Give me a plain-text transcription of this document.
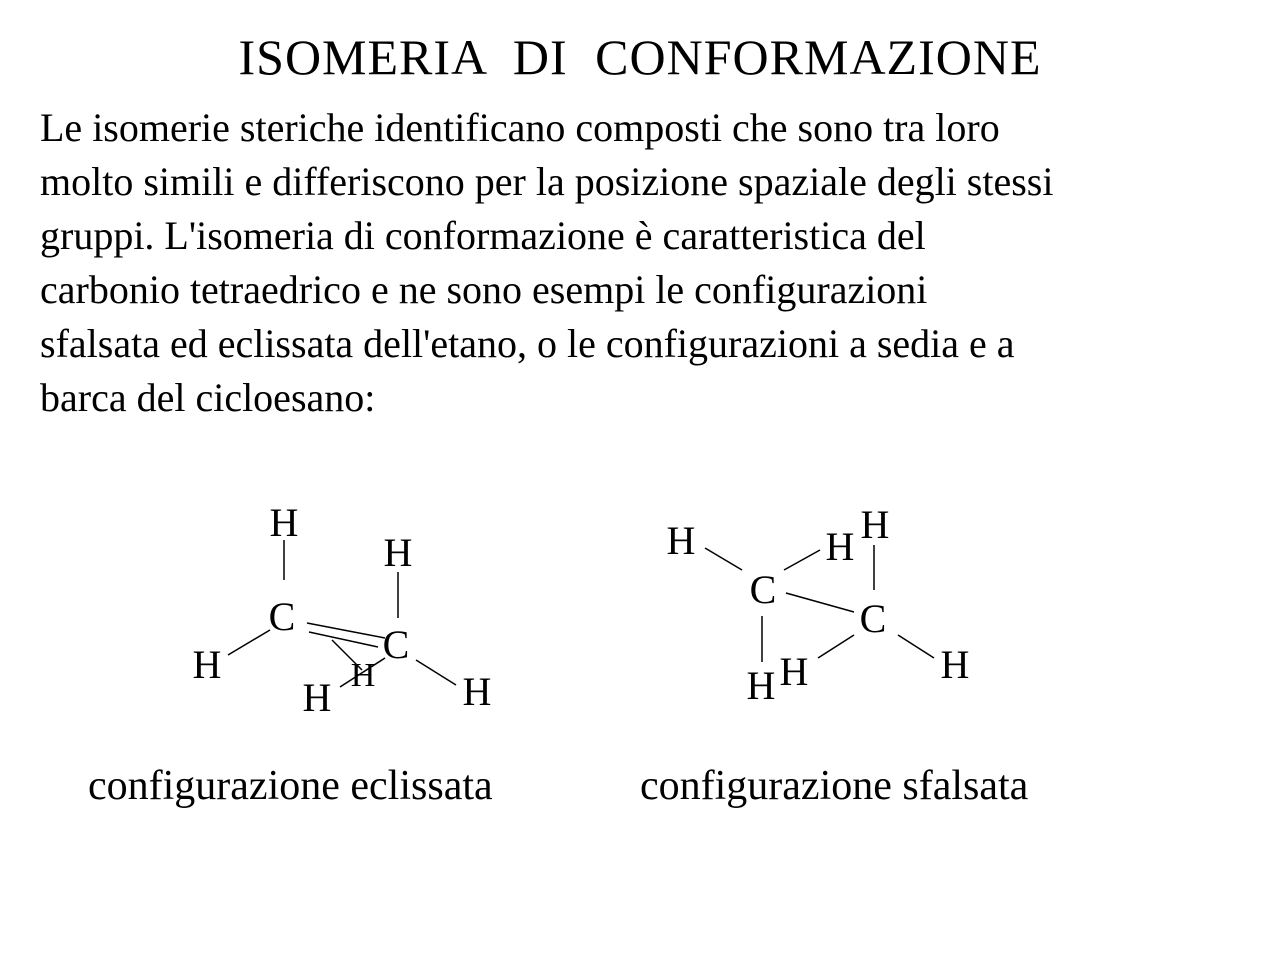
ISOMERIA DI CONFORMAZIONE
Le isomerie steriche identificano composti che sono tra loro
molto simili e differiscono per la posizione spaziale degli stessi
gruppi. L'isomeria di conformazione è caratteristica del
carbonio tetraedrico e ne sono esempi le configurazioni
sfalsata ed eclissata dell'etano, o le configurazioni a sedia e a
barca del cicloesano:
H
C
H
C
H	H
H	H
H	H H
C
C
H H	H

configurazione eclissata	configurazione sfalsata
